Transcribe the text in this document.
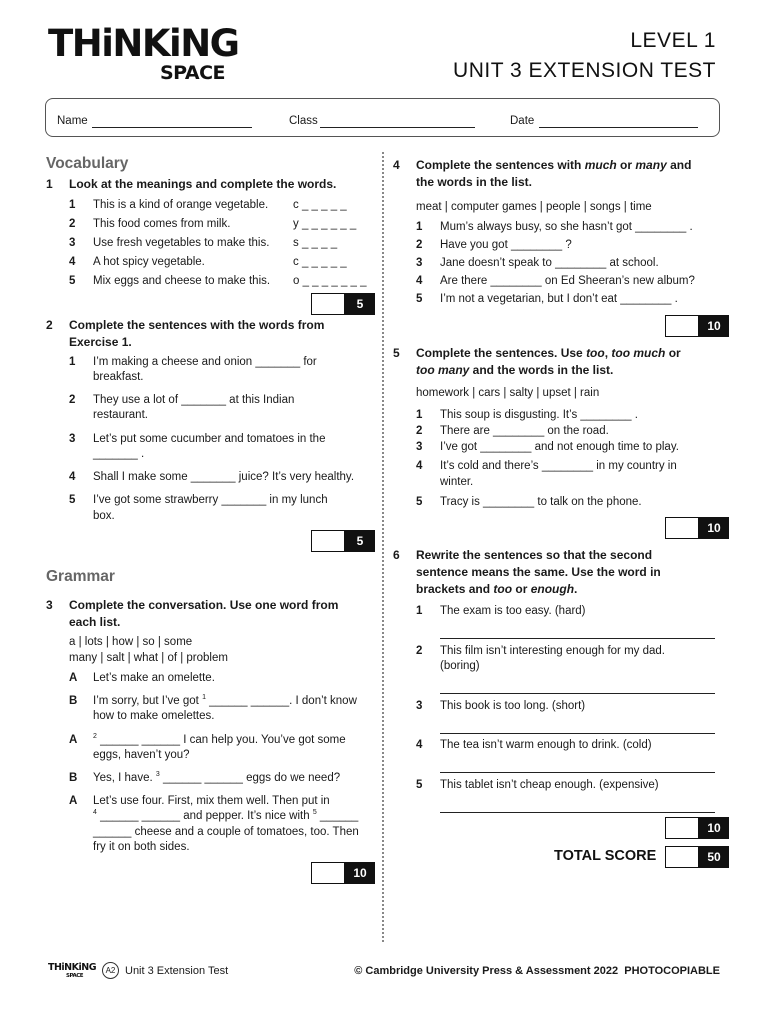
THiNKiNG
SPACE
LEVEL 1
UNIT 3 EXTENSION TEST
Name	Class	Date
Vocabulary
1 Look at the meanings and complete the words.
1 This is a kind of orange vegetable. c _ _ _ _ _
2 This food comes from milk.	y _ _ _ _ _ _
3 Use fresh vegetables to make this. s _ _ _ _
4 A hot spicy vegetable.	c _ _ _ _ _
5 Mix eggs and cheese to make this. o _ _ _ _ _ _ _
5
2 Complete the sentences with the words from
Exercise 1.
1 I’m making a cheese and onion _______ for
breakfast.
2 They use a lot of _______ at this Indian
restaurant.
3 Let’s put some cucumber and tomatoes in the
_______ .
4 Shall I make some _______ juice? It’s very healthy.
5 I’ve got some strawberry _______ in my lunch
box.
5
Grammar
3 Complete the conversation. Use one word from
each list.
a | lots | how | so | some
many | salt | what | of | problem
A Let’s make an omelette.
B I’m sorry, but I’ve got $^1$ ______ ______. I don’t know
how to make omelettes.
A $^2$ ______ ______ I can help you. You’ve got some
eggs, haven’t you?
B Yes, I have. $^3$ ______ ______ eggs do we need?
A Let’s use four. First, mix them well. Then put in
$^4$ ______ ______ and pepper. It’s nice with $^5$ ______
______ cheese and a couple of tomatoes, too. Then
fry it on both sides.
10
4 Complete the sentences with much or many and
the words in the list.
meat | computer games | people | songs | time
1 Mum’s always busy, so she hasn’t got ________ .
2 Have you got ________ ?
3 Jane doesn’t speak to ________ at school.
4 Are there ________ on Ed Sheeran’s new album?
5 I’m not a vegetarian, but I don’t eat ________ .
10
5 Complete the sentences. Use too, too much or
too many and the words in the list.
homework | cars | salty | upset | rain
1 This soup is disgusting. It’s ________ .
2 There are ________ on the road.
3 I’ve got ________ and not enough time to play.
4 It’s cold and there’s ________ in my country in
winter.
5 Tracy is ________ to talk on the phone.
10
6 Rewrite the sentences so that the second
sentence means the same. Use the word in
brackets and too or enough.
1 The exam is too easy. (hard)
2 This film isn’t interesting enough for my dad.
(boring)
3 This book is too long. (short)
4 The tea isn’t warm enough to drink. (cold)
5 This tablet isn’t cheap enough. (expensive)
10
TOTAL SCORE	50
THiNKiNG
SPACE
A2 Unit 3 Extension Test	© Cambridge University Press & Assessment 2022 PHOTOCOPIABLE
